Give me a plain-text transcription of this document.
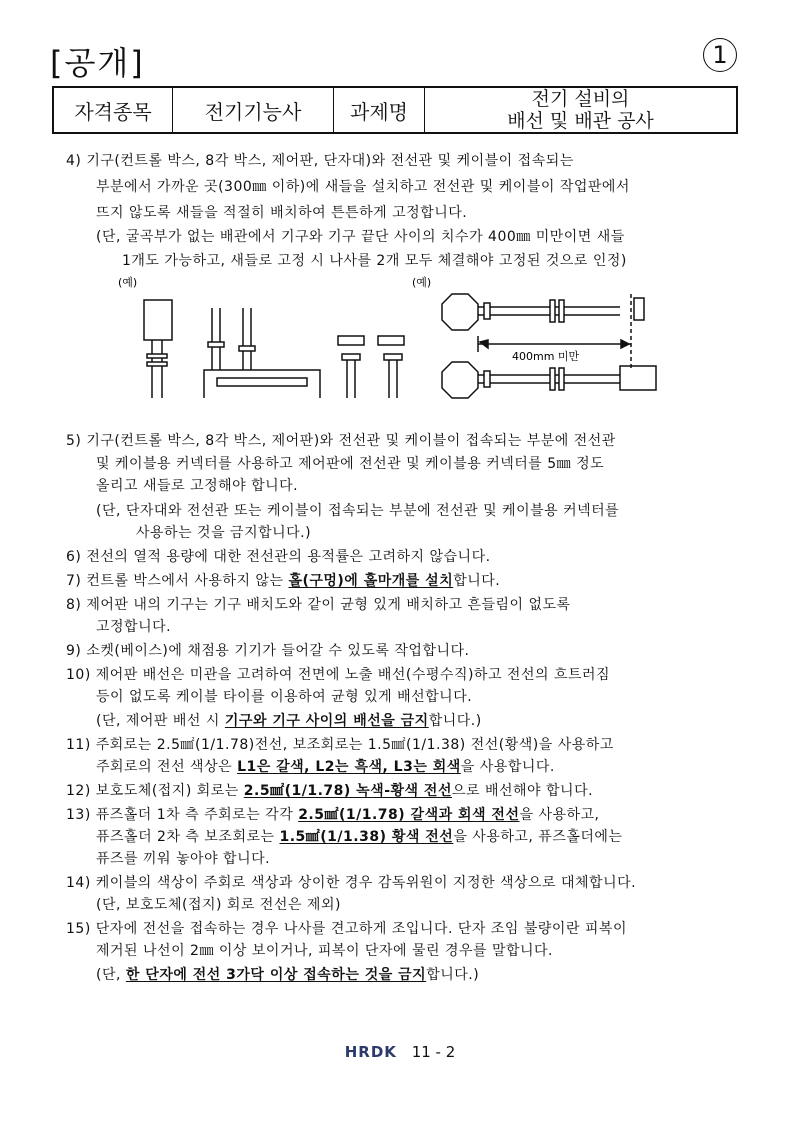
[공개]	1
자격종목	전기기능사	과제명	
전기 설비의
배선 및 배관 공사
4) 기구(컨트롤 박스, 8각 박스, 제어판, 단자대)와 전선관 및 케이블이 접속되는
부분에서 가까운 곳(300㎜ 이하)에 새들을 설치하고 전선관 및 케이블이 작업판에서
뜨지 않도록 새들을 적절히 배치하여 튼튼하게 고정합니다.
(단, 굴곡부가 없는 배관에서 기구와 기구 끝단 사이의 치수가 400㎜ 미만이면 새들
1개도 가능하고, 새들로 고정 시 나사를 2개 모두 체결해야 고정된 것으로 인정)
(예)	(예)
400mm 미만
5) 기구(컨트롤 박스, 8각 박스, 제어판)와 전선관 및 케이블이 접속되는 부분에 전선관
및 케이블용 커넥터를 사용하고 제어판에 전선관 및 케이블용 커넥터를 5㎜ 정도
올리고 새들로 고정해야 합니다.
(단, 단자대와 전선관 또는 케이블이 접속되는 부분에 전선관 및 케이블용 커넥터를
사용하는 것을 금지합니다.)
6) 전선의 열적 용량에 대한 전선관의 용적률은 고려하지 않습니다.
7) 컨트롤 박스에서 사용하지 않는 홀(구멍)에 홀마개를 설치합니다.
8) 제어판 내의 기구는 기구 배치도와 같이 균형 있게 배치하고 흔들림이 없도록
고정합니다.
9) 소켓(베이스)에 채점용 기기가 들어갈 수 있도록 작업합니다.
10) 제어판 배선은 미관을 고려하여 전면에 노출 배선(수평수직)하고 전선의 흐트러짐
등이 없도록 케이블 타이를 이용하여 균형 있게 배선합니다.
(단, 제어판 배선 시 기구와 기구 사이의 배선을 금지합니다.)
11) 주회로는 2.5㎟(1/1.78)전선, 보조회로는 1.5㎟(1/1.38) 전선(황색)을 사용하고
주회로의 전선 색상은 L1은 갈색, L2는 흑색, L3는 회색을 사용합니다.
12) 보호도체(접지) 회로는 2.5㎟(1/1.78) 녹색-황색 전선으로 배선해야 합니다.
13) 퓨즈홀더 1차 측 주회로는 각각 2.5㎟(1/1.78) 갈색과 회색 전선을 사용하고,
퓨즈홀더 2차 측 보조회로는 1.5㎟(1/1.38) 황색 전선을 사용하고, 퓨즈홀더에는
퓨즈를 끼워 놓아야 합니다.
14) 케이블의 색상이 주회로 색상과 상이한 경우 감독위원이 지정한 색상으로 대체합니다.
(단, 보호도체(접지) 회로 전선은 제외)
15) 단자에 전선을 접속하는 경우 나사를 견고하게 조입니다. 단자 조임 불량이란 피복이
제거된 나선이 2㎜ 이상 보이거나, 피복이 단자에 물린 경우를 말합니다.
(단, 한 단자에 전선 3가닥 이상 접속하는 것을 금지합니다.)
HRDK 11 - 2
